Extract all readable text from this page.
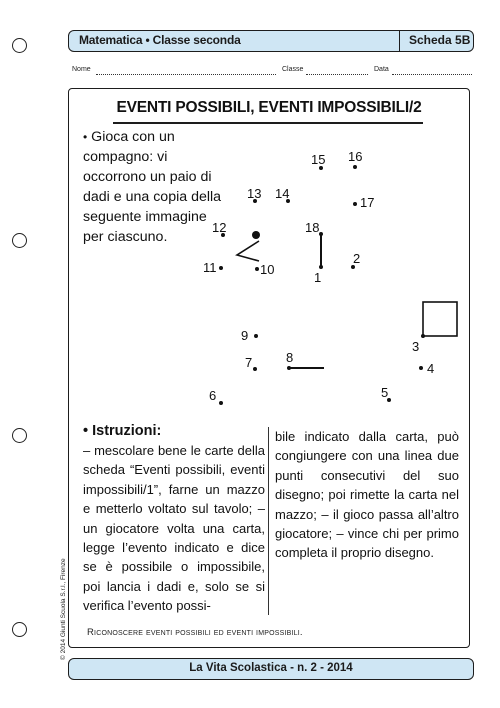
Matematica • Classe seconda	Scheda 5B
Nome	Classe	Data
EVENTI POSSIBILI, EVENTI IMPOSSIBILI/2
• Gioca con un compagno: vi occorrono un paio di dadi e una copia della seguente immagine per ciascuno.
1
2
3
4
5
6
7	8
9
10
11
12
13 14
15 16
17
18
• Istruzioni:
– mescolare bene le carte della scheda “Eventi possibili, eventi impossibili/1”, farne un mazzo e metterlo voltato sul tavolo; – un giocatore volta una carta, legge l’evento indicato e dice se è possibile o impossibile, poi lancia i dadi e, solo se si verifica l’evento possi-
bile indicato dalla carta, può congiungere con una linea due punti consecutivi del suo disegno; poi rimette la carta nel mazzo; – il gioco passa all’altro giocatore; – vince chi per primo completa il proprio disegno.
Riconoscere eventi possibili ed eventi impossibili.
© 2014 Giunti Scuola S.r.l., Firenze
La Vita Scolastica - n. 2 - 2014
